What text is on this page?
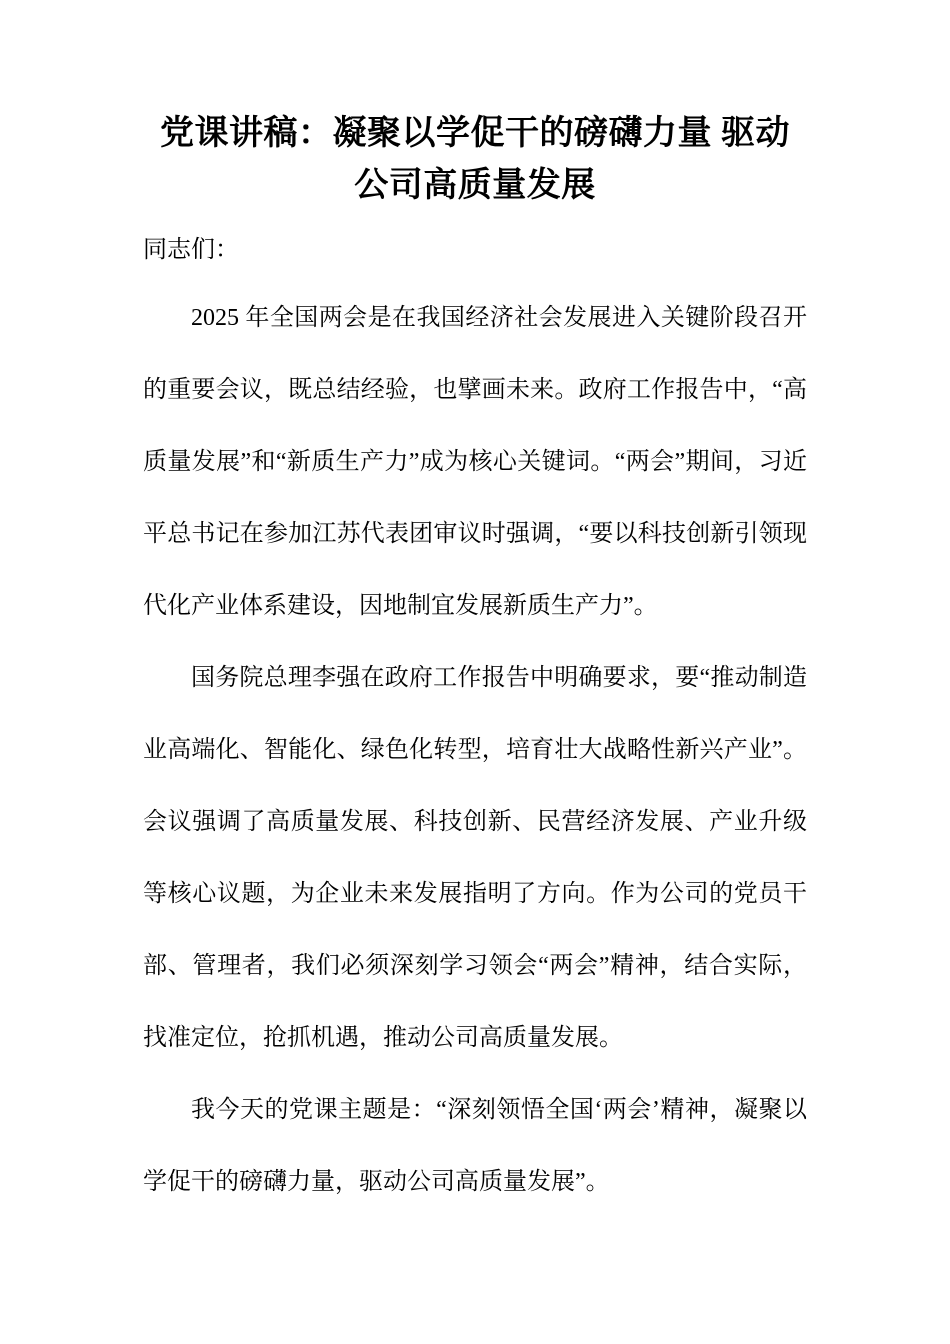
党课讲稿：凝聚以学促干的磅礴力量 驱动公司高质量发展

同志们：

2025 年全国两会是在我国经济社会发展进入关键阶段召开的重要会议，既总结经验，也擘画未来。政府工作报告中，“高质量发展”和“新质生产力”成为核心关键词。“两会”期间，习近平总书记在参加江苏代表团审议时强调，“要以科技创新引领现代化产业体系建设，因地制宜发展新质生产力”。

国务院总理李强在政府工作报告中明确要求，要“推动制造业高端化、智能化、绿色化转型，培育壮大战略性新兴产业”。会议强调了高质量发展、科技创新、民营经济发展、产业升级等核心议题，为企业未来发展指明了方向。作为公司的党员干部、管理者，我们必须深刻学习领会“两会”精神，结合实际，找准定位，抢抓机遇，推动公司高质量发展。

我今天的党课主题是：“深刻领悟全国‘两会’精神，凝聚以学促干的磅礴力量，驱动公司高质量发展”。
